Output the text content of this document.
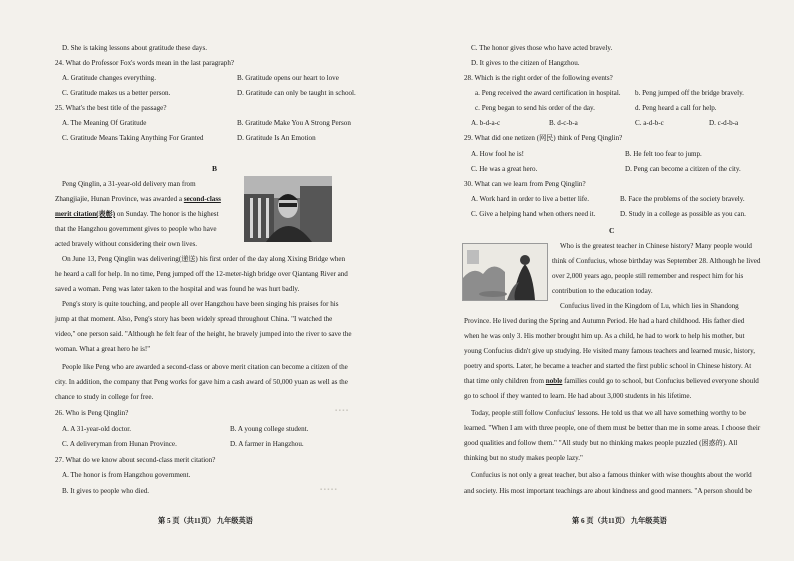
D. She is taking lessons about gratitude these days.

24. What do Professor Fox's words mean in the last paragraph?

A. Gratitude changes everything.	B. Gratitude opens our heart to love

C. Gratitude makes us a better person.	D. Gratitude can only be taught in school.

25. What's the best title of the passage?

A. The Meaning Of Gratitude	B. Gratitude Make You A Strong Person

C. Gratitude Means Taking Anything For Granted	D. Gratitude Is An Emotion

B

Peng Qinglin, a 31-year-old delivery man from

Zhangjiajie, Hunan Province, was awarded a second-class

merit citation(表彰) on Sunday. The honor is the highest

that the Hangzhou government gives to people who have

acted bravely without considering their own lives.

On June 13, Peng Qinglin was delivering(递送) his first order of the day along Xixing Bridge when

he heard a call for help. In no time, Peng jumped off the 12-meter-high bridge over Qiantang River and

saved a woman. Peng was later taken to the hospital and was found he was hurt badly.

Peng's story is quite touching, and people all over Hangzhou have been singing his praises for his

jump at that moment. Also, Peng's story has been widely spread throughout China. "I watched the

video," one person said. "Although he felt fear of the height, he bravely jumped into the river to save the

woman. What a great hero he is!"

People like Peng who are awarded a second-class or above merit citation can become a citizen of the

city. In addition, the company that Peng works for gave him a cash award of 50,000 yuan as well as the

chance to study in college for free.

26. Who is Peng Qinglin?

A. A 31-year-old doctor.	B. A young college student.

C. A deliveryman from Hunan Province.	D. A farmer in Hangzhou.

27. What do we know about second-class merit citation?

A. The honor is from Hangzhou government.

B. It gives to people who died.

▪ ▪ ▪ ▪
▪ ▪ ▪ ▪ ▪
第 5 页（共11页） 九年级英语

C. The honor gives those who have acted bravely.

D. It gives to the citizen of Hangzhou.

28. Which is the right order of the following events?

a. Peng received the award certification in hospital. b. Peng jumped off the bridge bravely.

c. Peng began to send his order of the day.	d. Peng heard a call for help.

A. b-d-a-c	B. d-c-b-a	C. a-d-b-c	D. c-d-b-a

29. What did one netizen (网民) think of Peng Qinglin?

A. How fool he is!	B. He felt too fear to jump.

C. He was a great hero.	D. Peng can become a citizen of the city.

30. What can we learn from Peng Qinglin?

A. Work hard in order to live a better life.	B. Face the problems of the society bravely.

C. Give a helping hand when others need it.	D. Study in a college as possible as you can.

C

Who is the greatest teacher in Chinese history? Many people would

think of Confucius, whose birthday was September 28. Although he lived

over 2,000 years ago, people still remember and respect him for his

contribution to the education today.

Confucius lived in the Kingdom of Lu, which lies in Shandong

Province. He lived during the Spring and Autumn Period. He had a hard childhood. His father died

when he was only 3. His mother brought him up. As a child, he had to work to help his mother, but

young Confucius didn't give up studying. He visited many famous teachers and learned music, history,

poetry and sports. Later, he became a teacher and started the first public school in Chinese history. At

that time only children from noble families could go to school, but Confucius believed everyone should

go to school if they wanted to learn. He had about 3,000 students in his lifetime.

Today, people still follow Confucius' lessons. He told us that we all have something worthy to be

learned. "When I am with three people, one of them must be better than me in some areas. I choose their

good qualities and follow them." "All study but no thinking makes people puzzled (困惑的). All

thinking but no study makes people lazy."

Confucius is not only a great teacher, but also a famous thinker with wise thoughts about the world

and society. His most important teachings are about kindness and good manners. "A person should be

第 6 页（共11页） 九年级英语
